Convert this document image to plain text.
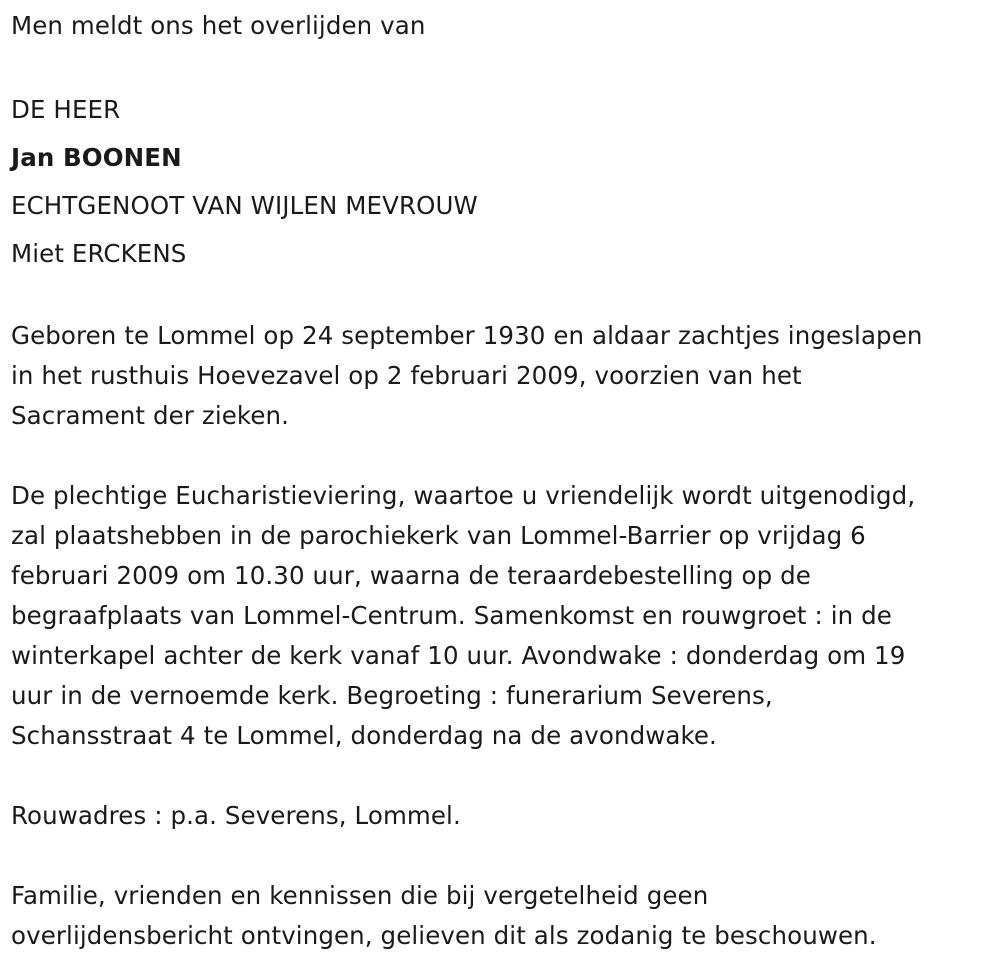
Men meldt ons het overlijden van

DE HEER

Jan BOONEN

ECHTGENOOT VAN WIJLEN MEVROUW

Miet ERCKENS

Geboren te Lommel op 24 september 1930 en aldaar zachtjes ingeslapen

in het rusthuis Hoevezavel op 2 februari 2009, voorzien van het

Sacrament der zieken.

De plechtige Eucharistieviering, waartoe u vriendelijk wordt uitgenodigd,

zal plaatshebben in de parochiekerk van Lommel-Barrier op vrijdag 6

februari 2009 om 10.30 uur, waarna de teraardebestelling op de

begraafplaats van Lommel-Centrum. Samenkomst en rouwgroet : in de

winterkapel achter de kerk vanaf 10 uur. Avondwake : donderdag om 19

uur in de vernoemde kerk. Begroeting : funerarium Severens,

Schansstraat 4 te Lommel, donderdag na de avondwake.

Rouwadres : p.a. Severens, Lommel.

Familie, vrienden en kennissen die bij vergetelheid geen

overlijdensbericht ontvingen, gelieven dit als zodanig te beschouwen.
